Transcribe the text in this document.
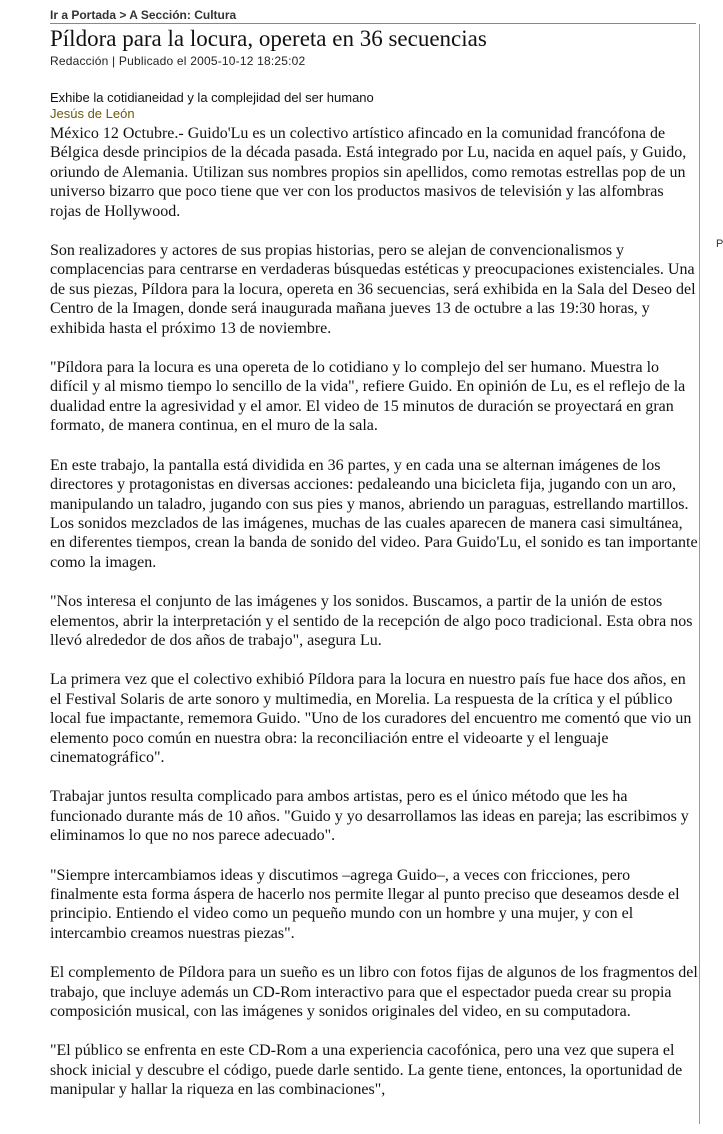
Ir a Portada > A Sección: Cultura
P
Píldora para la locura, opereta en 36 secuencias
Redacción | Publicado el 2005-10-12 18:25:02
Exhibe la cotidianeidad y la complejidad del ser humano
Jesús de León

México 12 Octubre.- Guido'Lu es un colectivo artístico afincado en la comunidad francófona de Bélgica desde principios de la década pasada. Está integrado por Lu, nacida en aquel país, y Guido, oriundo de Alemania. Utilizan sus nombres propios sin apellidos, como remotas estrellas pop de un universo bizarro que poco tiene que ver con los productos masivos de televisión y las alfombras rojas de Hollywood.

Son realizadores y actores de sus propias historias, pero se alejan de convencionalismos y complacencias para centrarse en verdaderas búsquedas estéticas y preocupaciones existenciales. Una de sus piezas, Píldora para la locura, opereta en 36 secuencias, será exhibida en la Sala del Deseo del Centro de la Imagen, donde será inaugurada mañana jueves 13 de octubre a las 19:30 horas, y exhibida hasta el próximo 13 de noviembre.

"Píldora para la locura es una opereta de lo cotidiano y lo complejo del ser humano. Muestra lo difícil y al mismo tiempo lo sencillo de la vida", refiere Guido. En opinión de Lu, es el reflejo de la dualidad entre la agresividad y el amor. El video de 15 minutos de duración se proyectará en gran formato, de manera continua, en el muro de la sala.

En este trabajo, la pantalla está dividida en 36 partes, y en cada una se alternan imágenes de los directores y protagonistas en diversas acciones: pedaleando una bicicleta fija, jugando con un aro, manipulando un taladro, jugando con sus pies y manos, abriendo un paraguas, estrellando martillos. Los sonidos mezclados de las imágenes, muchas de las cuales aparecen de manera casi simultánea, en diferentes tiempos, crean la banda de sonido del video. Para Guido'Lu, el sonido es tan importante como la imagen.

"Nos interesa el conjunto de las imágenes y los sonidos. Buscamos, a partir de la unión de estos elementos, abrir la interpretación y el sentido de la recepción de algo poco tradicional. Esta obra nos llevó alrededor de dos años de trabajo", asegura Lu.

La primera vez que el colectivo exhibió Píldora para la locura en nuestro país fue hace dos años, en el Festival Solaris de arte sonoro y multimedia, en Morelia. La respuesta de la crítica y el público local fue impactante, rememora Guido. "Uno de los curadores del encuentro me comentó que vio un elemento poco común en nuestra obra: la reconciliación entre el videoarte y el lenguaje cinematográfico".

Trabajar juntos resulta complicado para ambos artistas, pero es el único método que les ha funcionado durante más de 10 años. "Guido y yo desarrollamos las ideas en pareja; las escribimos y eliminamos lo que no nos parece adecuado".

"Siempre intercambiamos ideas y discutimos –agrega Guido–, a veces con fricciones, pero finalmente esta forma áspera de hacerlo nos permite llegar al punto preciso que deseamos desde el principio. Entiendo el video como un pequeño mundo con un hombre y una mujer, y con el intercambio creamos nuestras piezas".

El complemento de Píldora para un sueño es un libro con fotos fijas de algunos de los fragmentos del trabajo, que incluye además un CD-Rom interactivo para que el espectador pueda crear su propia composición musical, con las imágenes y sonidos originales del video, en su computadora.

"El público se enfrenta en este CD-Rom a una experiencia cacofónica, pero una vez que supera el shock inicial y descubre el código, puede darle sentido. La gente tiene, entonces, la oportunidad de manipular y hallar la riqueza en las combinaciones",
